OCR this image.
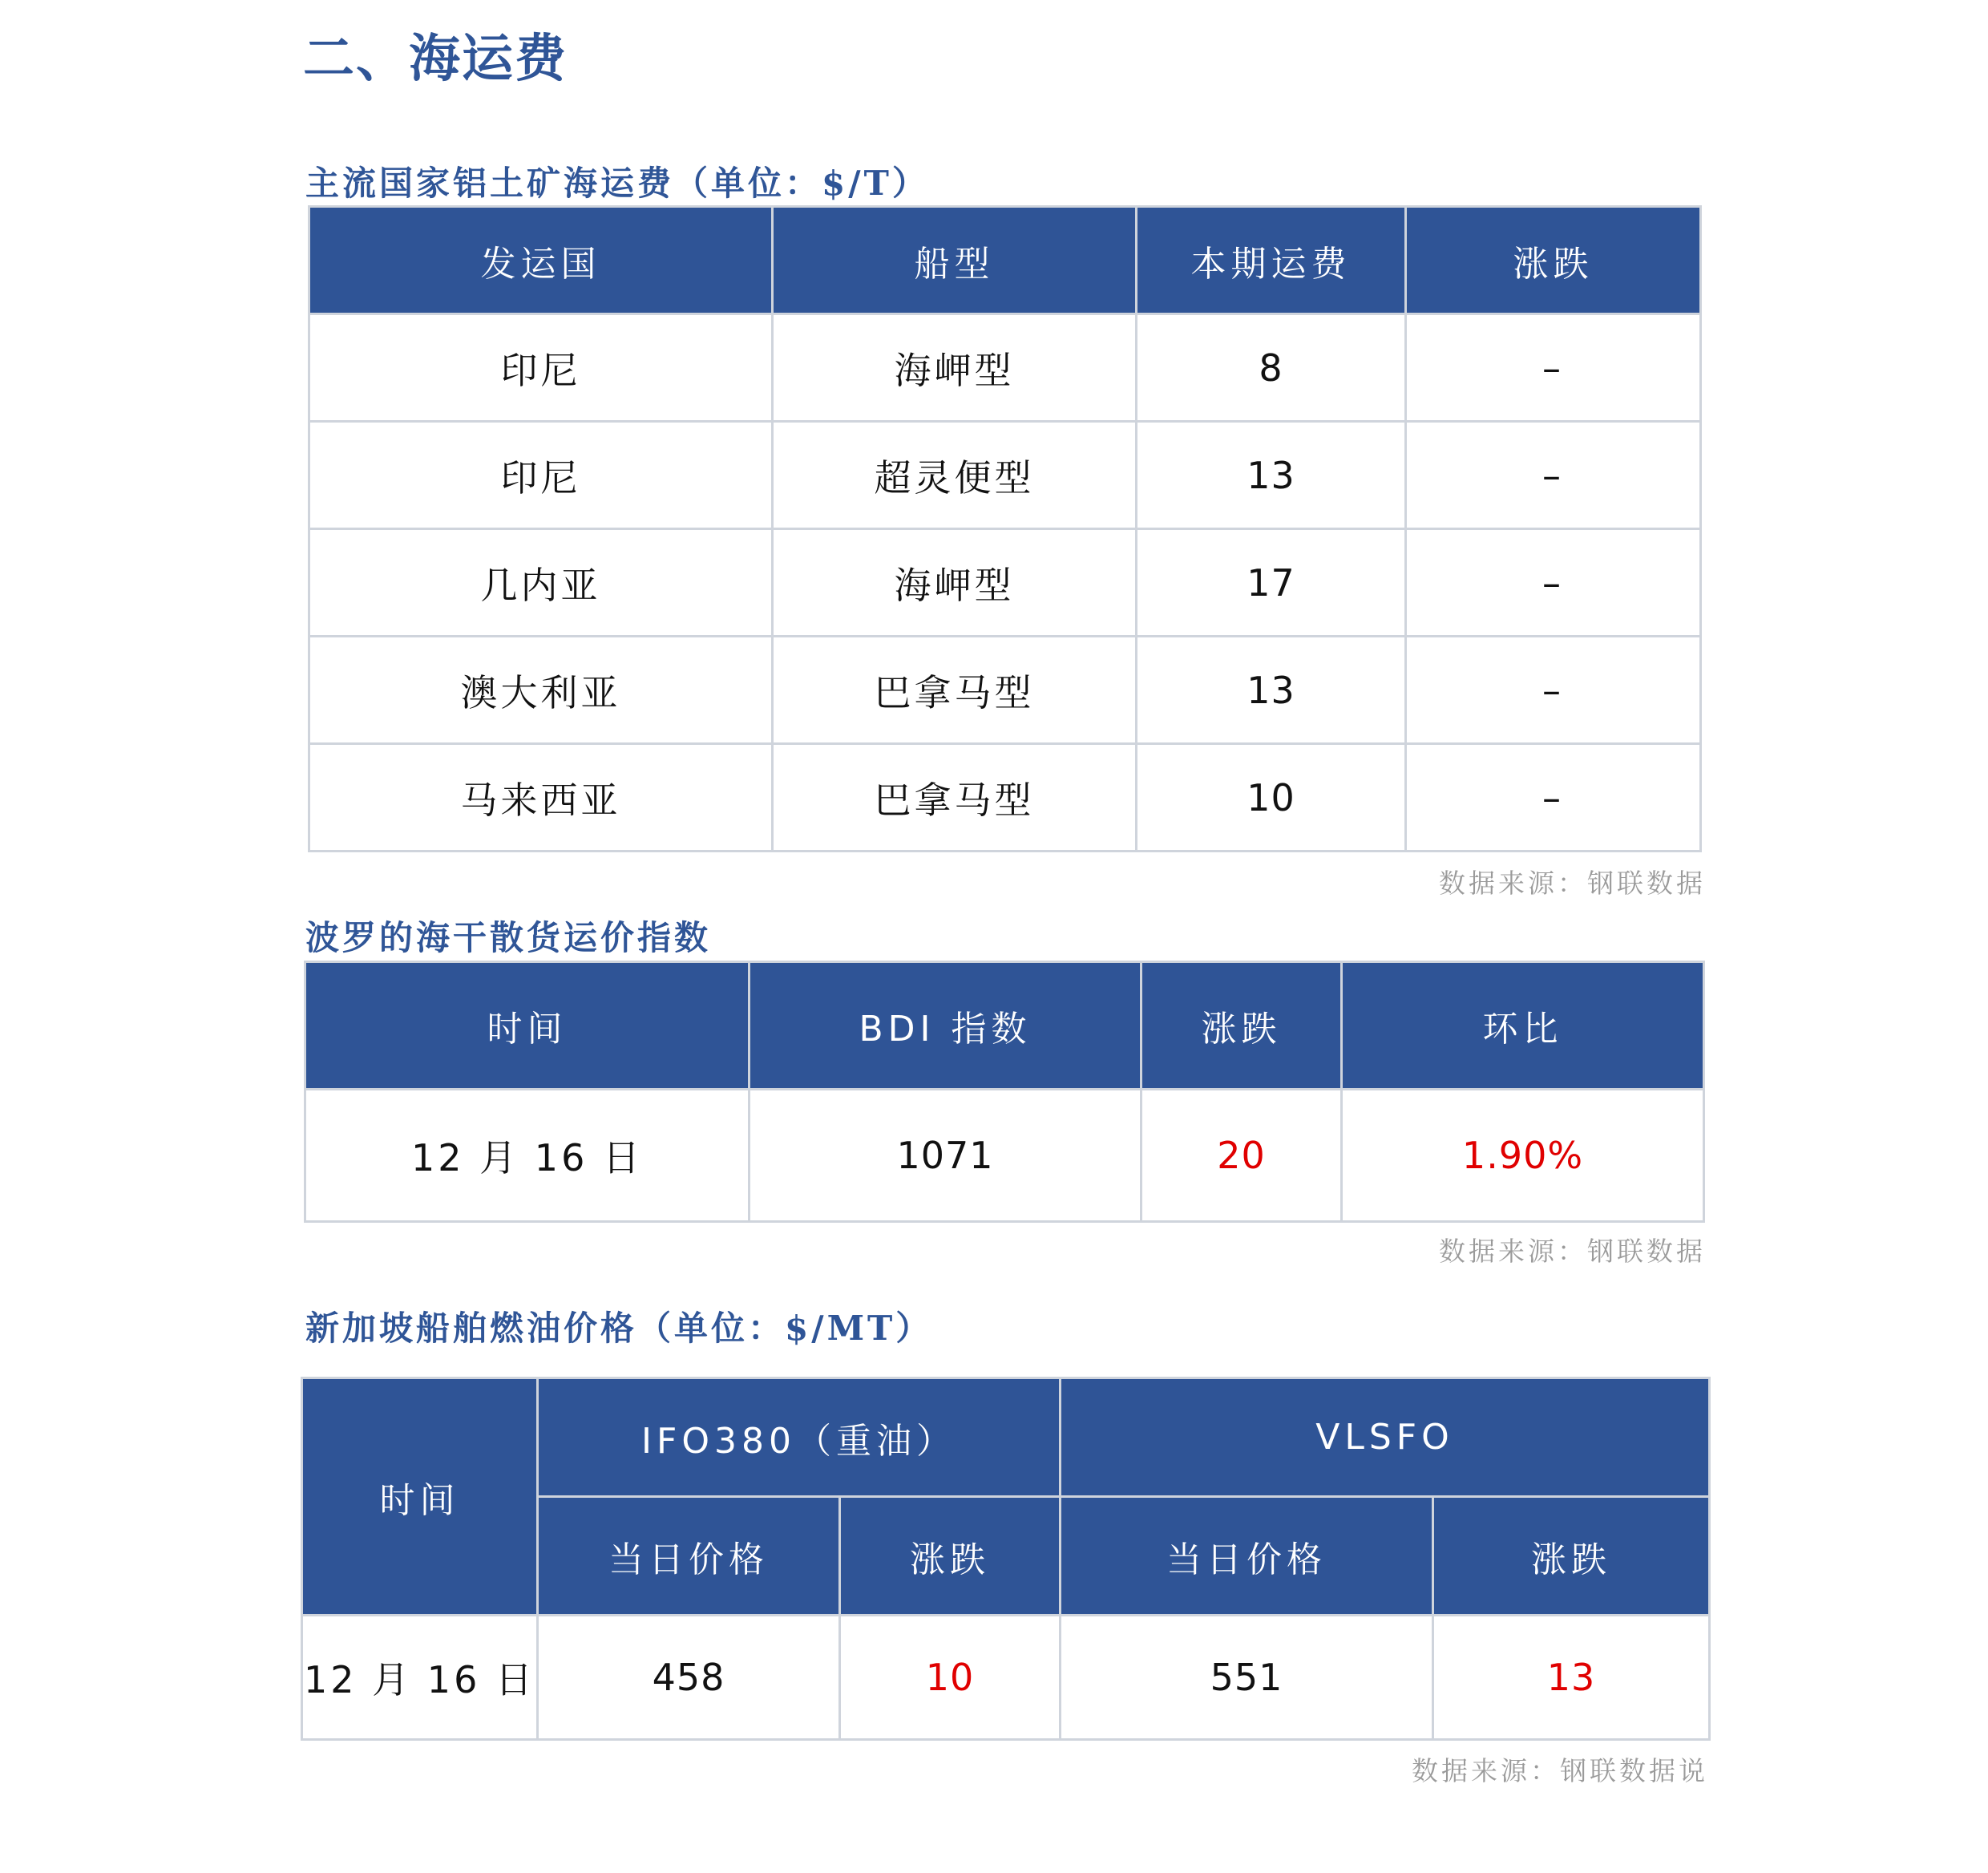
二、海运费
主流国家铝土矿海运费（单位：$/T）
发运国	船型	本期运费	涨跌
印尼	海岬型	8	–
印尼	超灵便型	13	–
几内亚	海岬型	17	–
澳大利亚	巴拿马型	13	–
马来西亚	巴拿马型	10	–
数据来源：钢联数据
波罗的海干散货运价指数
时间	BDI 指数	涨跌	环比
12 月 16 日	1071	20	1.90%
数据来源：钢联数据
新加坡船舶燃油价格（单位：$/MT）
时间	IFO380（重油）		VLSFO	
	当日价格	涨跌	当日价格	涨跌
12 月 16 日	458	10	551	13
数据来源：钢联数据说
